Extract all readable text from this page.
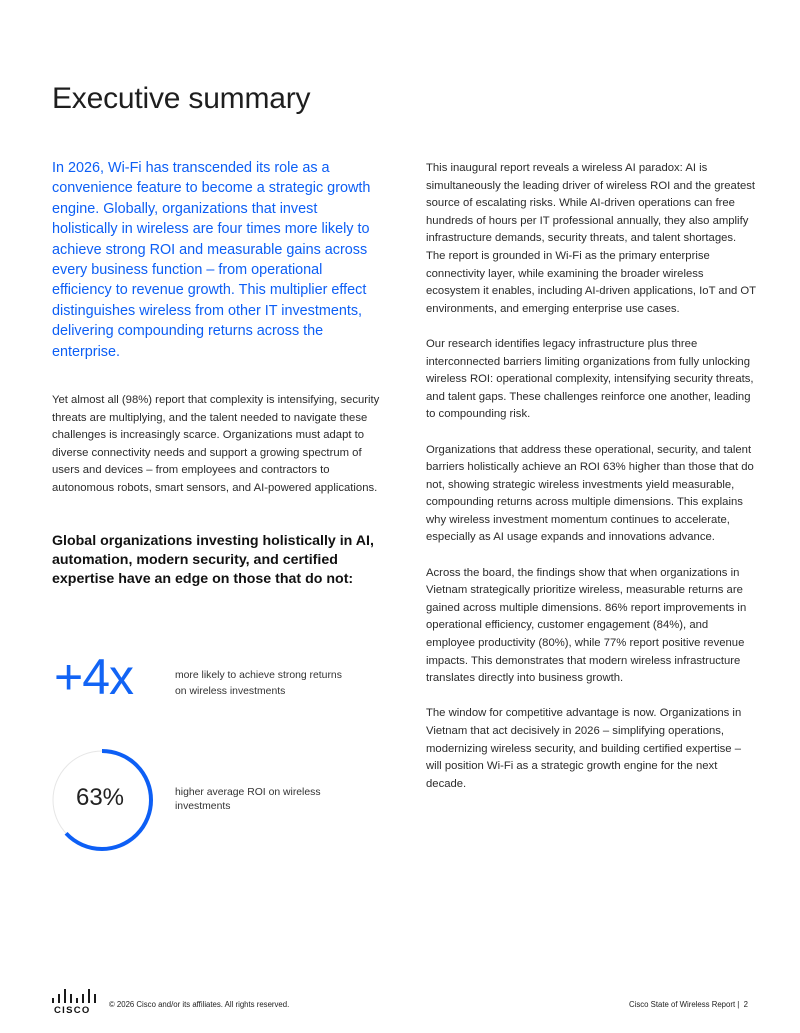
Executive summary

In 2026, Wi-Fi has transcended its role as a convenience feature to become a strategic growth engine. Globally, organizations that invest holistically in wireless are four times more likely to achieve strong ROI and measurable gains across every business function – from operational efficiency to revenue growth. This multiplier effect distinguishes wireless from other IT investments, delivering compounding returns across the enterprise.

Yet almost all (98%) report that complexity is intensifying, security threats are multiplying, and the talent needed to navigate these challenges is increasingly scarce. Organizations must adapt to diverse connectivity needs and support a growing spectrum of users and devices – from employees and contractors to autonomous robots, smart sensors, and AI-powered applications.

Global organizations investing holistically in AI, automation, modern security, and certified expertise have an edge on those that do not:
+4x	more likely to achieve strong returns on wireless investments
63%	higher average ROI on wireless investments

This inaugural report reveals a wireless AI paradox: AI is simultaneously the leading driver of wireless ROI and the greatest source of escalating risks. While AI-driven operations can free hundreds of hours per IT professional annually, they also amplify infrastructure demands, security threats, and talent shortages. The report is grounded in Wi-Fi as the primary enterprise connectivity layer, while examining the broader wireless ecosystem it enables, including AI-driven applications, IoT and OT environments, and emerging enterprise use cases.

Our research identifies legacy infrastructure plus three interconnected barriers limiting organizations from fully unlocking wireless ROI: operational complexity, intensifying security threats, and talent gaps. These challenges reinforce one another, leading to compounding risk.

Organizations that address these operational, security, and talent barriers holistically achieve an ROI 63% higher than those that do not, showing strategic wireless investments yield measurable, compounding returns across multiple dimensions. This explains why wireless investment momentum continues to accelerate, especially as AI usage expands and innovations advance.

Across the board, the findings show that when organizations in Vietnam strategically prioritize wireless, measurable returns are gained across multiple dimensions. 86% report improvements in operational efficiency, customer engagement (84%), and employee productivity (80%), while 77% report positive revenue impacts. This demonstrates that modern wireless infrastructure translates directly into business growth.

The window for competitive advantage is now. Organizations in Vietnam that act decisively in 2026 – simplifying operations, modernizing wireless security, and building certified expertise – will position Wi-Fi as a strategic growth engine for the next decade.

CISCO
© 2026 Cisco and/or its affiliates. All rights reserved.	Cisco State of Wireless Report |  2
